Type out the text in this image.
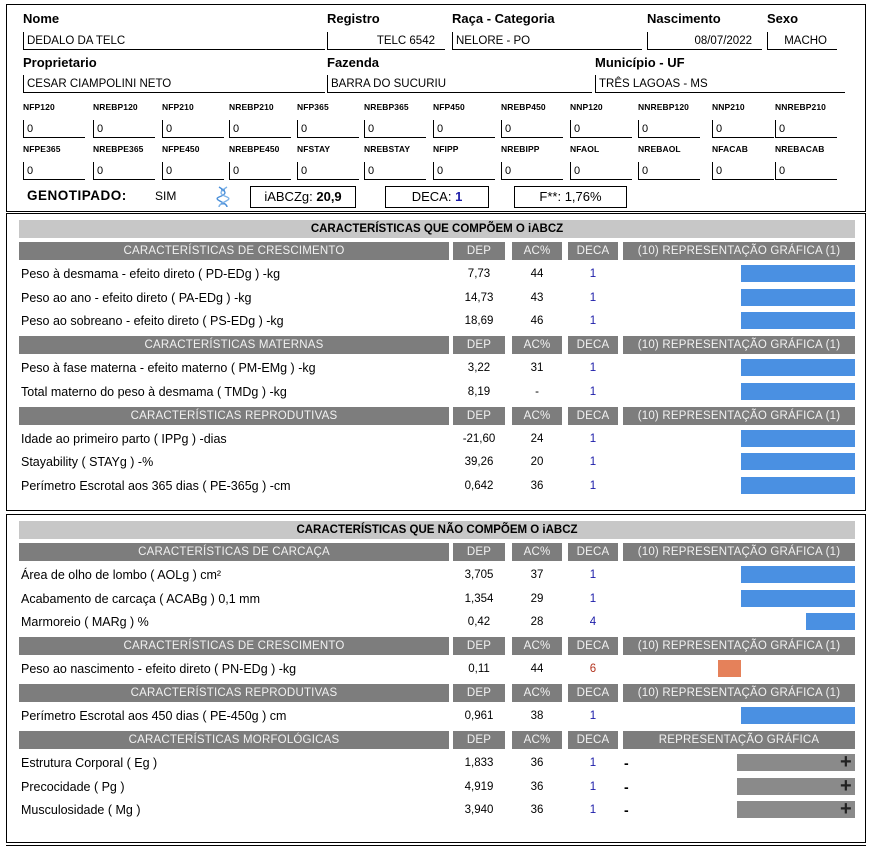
Nome
DEDALO DA TELC
Registro
TELC 6542
Raça - Categoria
NELORE - PO
Nascimento
08/07/2022
Sexo
MACHO
Proprietario
CESAR CIAMPOLINI NETO
Fazenda
BARRA DO SUCURIU
Município - UF
TRÊS LAGOAS - MS
NFP120
0
NREBP120
0
NFP210
0
NREBP210
0
NFP365
0
NREBP365
0
NFP450
0
NREBP450
0
NNP120
0
NNREBP120
0
NNP210
0
NNREBP210
0
NFPE365
0
NREBPE365
0
NFPE450
0
NREBPE450
0
NFSTAY
0
NREBSTAY
0
NFIPP
0
NREBIPP
0
NFAOL
0
NREBAOL
0
NFACAB
0
NREBACAB
0
GENOTIPADO: SIM	iABCZg: 20,9	DECA: 1	F**: 1,76%
CARACTERÍSTICAS QUE COMPÕEM O iABCZ
CARACTERÍSTICAS DE CRESCIMENTO	DEP	AC%	DECA	(10) REPRESENTAÇÃO GRÁFICA (1)
Peso à desmama - efeito direto ( PD-EDg ) -kg	7,73	44	1
Peso ao ano - efeito direto ( PA-EDg ) -kg	14,73	43	1
Peso ao sobreano - efeito direto ( PS-EDg ) -kg	18,69	46	1
CARACTERÍSTICAS MATERNAS	DEP	AC%	DECA	(10) REPRESENTAÇÃO GRÁFICA (1)
Peso à fase materna - efeito materno ( PM-EMg ) -kg	3,22	31	1
Total materno do peso à desmama ( TMDg ) -kg	8,19	-	1
CARACTERÍSTICAS REPRODUTIVAS	DEP	AC%	DECA	(10) REPRESENTAÇÃO GRÁFICA (1)
Idade ao primeiro parto ( IPPg ) -dias	-21,60	24	1
Stayability ( STAYg ) -%	39,26	20	1
Perímetro Escrotal aos 365 dias ( PE-365g ) -cm	0,642	36	1
CARACTERÍSTICAS QUE NÃO COMPÕEM O iABCZ
CARACTERÍSTICAS DE CARCAÇA	DEP	AC%	DECA	(10) REPRESENTAÇÃO GRÁFICA (1)
Área de olho de lombo ( AOLg ) cm²	3,705	37	1
Acabamento de carcaça ( ACABg ) 0,1 mm	1,354	29	1
Marmoreio ( MARg ) %	0,42	28	4
CARACTERÍSTICAS DE CRESCIMENTO	DEP	AC%	DECA	(10) REPRESENTAÇÃO GRÁFICA (1)
Peso ao nascimento - efeito direto ( PN-EDg ) -kg	0,11	44	6
CARACTERÍSTICAS REPRODUTIVAS	DEP	AC%	DECA	(10) REPRESENTAÇÃO GRÁFICA (1)
Perímetro Escrotal aos 450 dias ( PE-450g ) cm	0,961	38	1
CARACTERÍSTICAS MORFOLÓGICAS	DEP	AC%	DECA	REPRESENTAÇÃO GRÁFICA
Estrutura Corporal ( Eg )	1,833	36	1	-	+
Precocidade ( Pg )	4,919	36	1	-	+
Musculosidade ( Mg )	3,940	36	1	-	+
